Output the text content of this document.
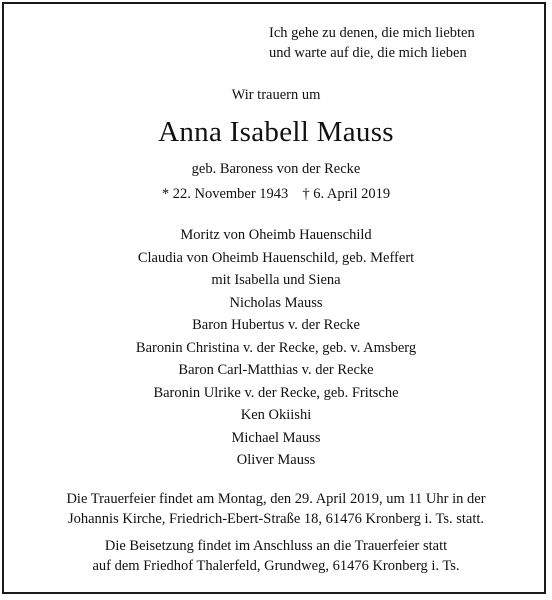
Ich gehe zu denen, die mich liebten
und warte auf die, die mich lieben
Wir trauern um
Anna Isabell Mauss
geb. Baroness von der Recke
* 22. November 1943 † 6. April 2019
Moritz von Oheimb Hauenschild
Claudia von Oheimb Hauenschild, geb. Meffert
mit Isabella und Siena
Nicholas Mauss
Baron Hubertus v. der Recke
Baronin Christina v. der Recke, geb. v. Amsberg
Baron Carl-Matthias v. der Recke
Baronin Ulrike v. der Recke, geb. Fritsche
Ken Okiishi
Michael Mauss
Oliver Mauss
Die Trauerfeier findet am Montag, den 29. April 2019, um 11 Uhr in der
Johannis Kirche, Friedrich-Ebert-Straße 18, 61476 Kronberg i. Ts. statt.
Die Beisetzung findet im Anschluss an die Trauerfeier statt
auf dem Friedhof Thalerfeld, Grundweg, 61476 Kronberg i. Ts.
